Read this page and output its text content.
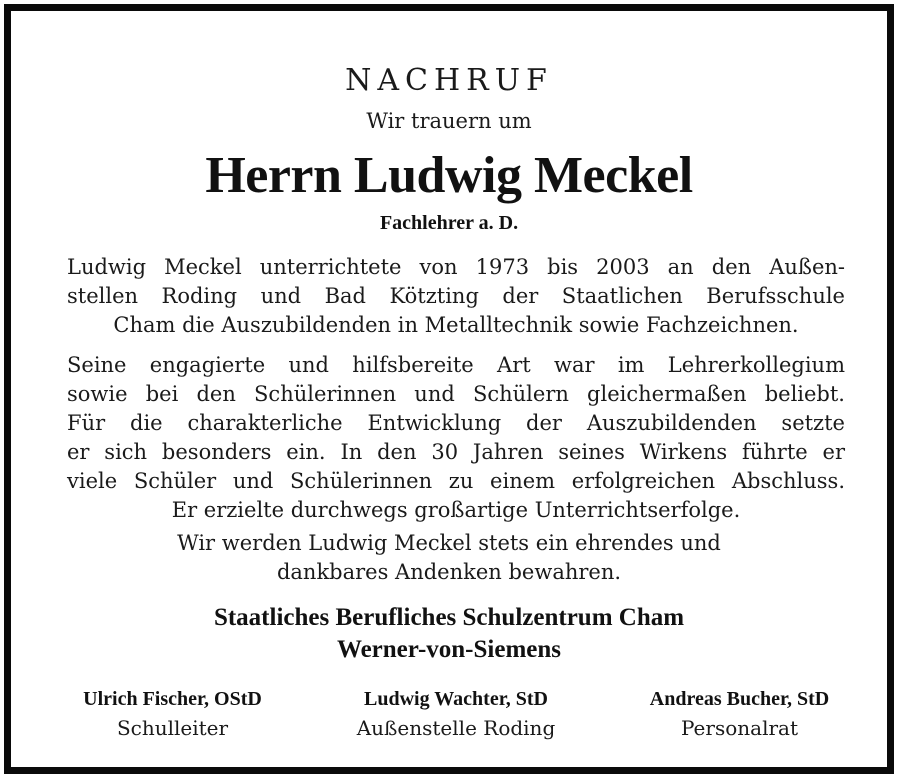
NACHRUF
Wir trauern um
Herrn Ludwig Meckel
Fachlehrer a. D.
Ludwig Meckel unterrichtete von 1973 bis 2003 an den Außen-
stellen Roding und Bad Kötzting der Staatlichen Berufsschule
Cham die Auszubildenden in Metalltechnik sowie Fachzeichnen.
Seine engagierte und hilfsbereite Art war im Lehrerkollegium
sowie bei den Schülerinnen und Schülern gleichermaßen beliebt.
Für die charakterliche Entwicklung der Auszubildenden setzte
er sich besonders ein. In den 30 Jahren seines Wirkens führte er
viele Schüler und Schülerinnen zu einem erfolgreichen Abschluss.
Er erzielte durchwegs großartige Unterrichtserfolge.
Wir werden Ludwig Meckel stets ein ehrendes und
dankbares Andenken bewahren.
Staatliches Berufliches Schulzentrum Cham
Werner-von-Siemens
Ulrich Fischer, OStD
Schulleiter
Ludwig Wachter, StD
Außenstelle Roding
Andreas Bucher, StD
Personalrat
